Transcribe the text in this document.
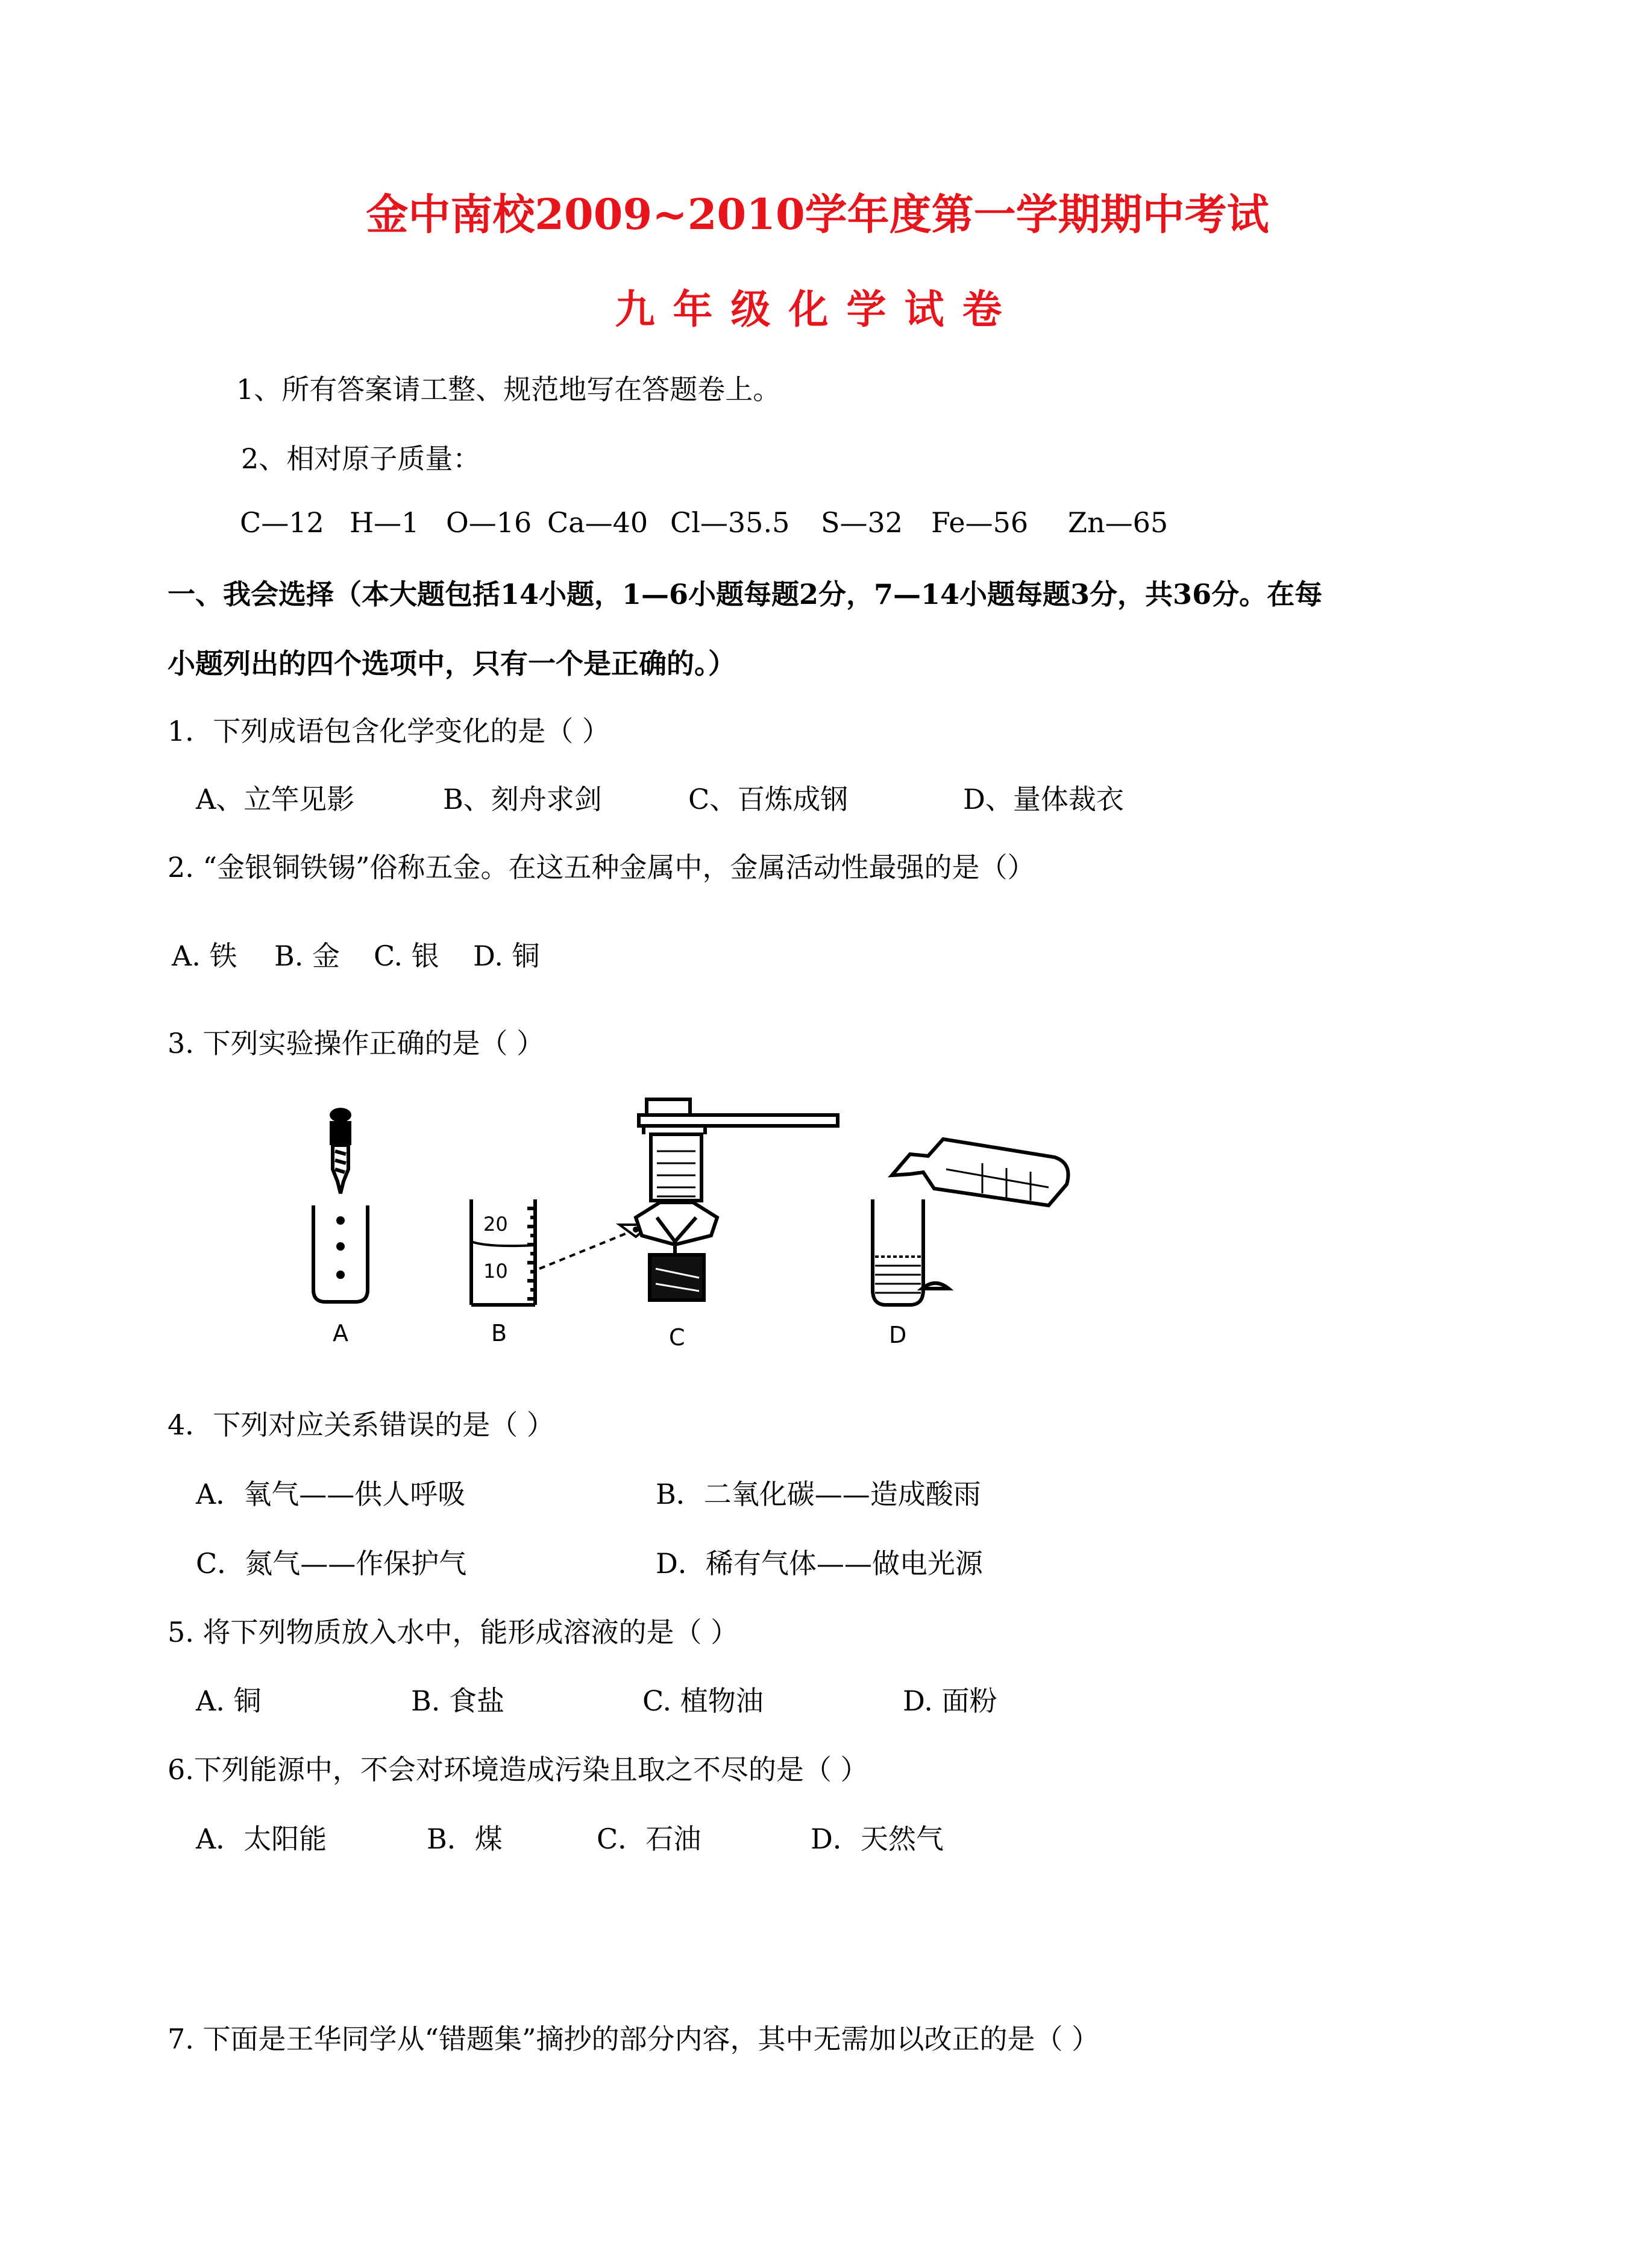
金中南校2009~2010学年度第一学期期中考试
九年级化学试卷
1、所有答案请工整、规范地写在答题卷上。
2、相对原子质量：
C—12 H—1 O—16 Ca—40 Cl—35.5 S—32 Fe—56 Zn—65
一、我会选择（本大题包括14小题，1—6小题每题2分，7—14小题每题3分，共36分。在每
小题列出的四个选项中，只有一个是正确的。）
1．下列成语包含化学变化的是（ ）
A、立竿见影	B、刻舟求剑	C、百炼成钢	D、量体裁衣
2. “金银铜铁锡”俗称五金。在这五种金属中，金属活动性最强的是（）
A. 铁 B. 金 C. 银 D. 铜
3. 下列实验操作正确的是（ ）
A	B	C	D
20
10
4．下列对应关系错误的是（ ）
A．氧气——供人呼吸	B．二氧化碳——造成酸雨
C．氮气——作保护气	D．稀有气体——做电光源
5. 将下列物质放入水中，能形成溶液的是（ ）
A. 铜	B. 食盐	C. 植物油	D. 面粉
6.下列能源中，不会对环境造成污染且取之不尽的是（ ）
A．太阳能	B．煤	C．石油	D．天然气
7. 下面是王华同学从“错题集”摘抄的部分内容，其中无需加以改正的是（ ）
